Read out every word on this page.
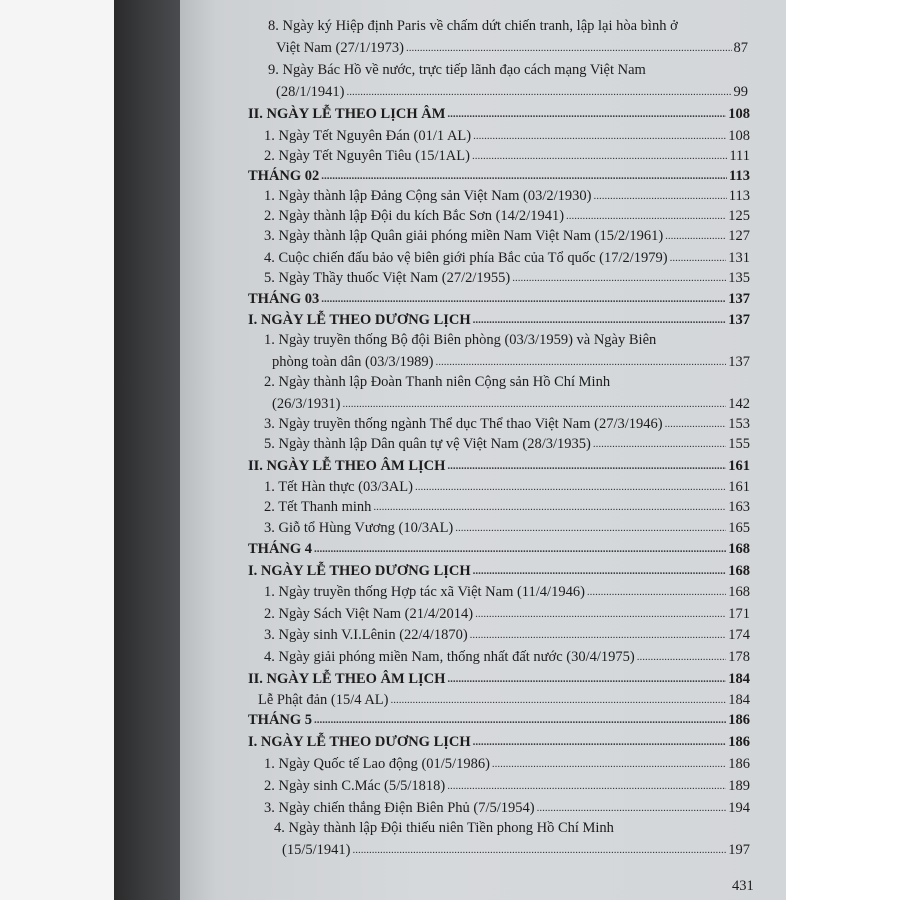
8. Ngày ký Hiệp định Paris về chấm dứt chiến tranh, lập lại hòa bình ở
Việt Nam (27/1/1973) .....	87
9. Ngày Bác Hồ về nước, trực tiếp lãnh đạo cách mạng Việt Nam
(28/1/1941) .....	99
II. NGÀY LỄ THEO LỊCH ÂM .....	108
1. Ngày Tết Nguyên Đán (01/1 AL) .....	108
2. Ngày Tết Nguyên Tiêu (15/1AL) .....	111
THÁNG 02 .....	113
1. Ngày thành lập Đảng Cộng sản Việt Nam (03/2/1930) .....	113
2. Ngày thành lập Đội du kích Bắc Sơn (14/2/1941) .....	125
3. Ngày thành lập Quân giải phóng miền Nam Việt Nam (15/2/1961) .....	127
4. Cuộc chiến đấu bảo vệ biên giới phía Bắc của Tổ quốc (17/2/1979) .....	131
5. Ngày Thầy thuốc Việt Nam (27/2/1955) .....	135
THÁNG 03 .....	137
I. NGÀY LỄ THEO DƯƠNG LỊCH .....	137
1. Ngày truyền thống Bộ đội Biên phòng (03/3/1959) và Ngày Biên
phòng toàn dân (03/3/1989) .....	137
2. Ngày thành lập Đoàn Thanh niên Cộng sản Hồ Chí Minh
(26/3/1931) .....	142
3. Ngày truyền thống ngành Thể dục Thể thao Việt Nam (27/3/1946) .....	153
5. Ngày thành lập Dân quân tự vệ Việt Nam (28/3/1935) .....	155
II. NGÀY LỄ THEO ÂM LỊCH .....	161
1. Tết Hàn thực (03/3AL) .....	161
2. Tết Thanh minh .....	163
3. Giỗ tổ Hùng Vương (10/3AL) .....	165
THÁNG 4 .....	168
I. NGÀY LỄ THEO DƯƠNG LỊCH .....	168
1. Ngày truyền thống Hợp tác xã Việt Nam (11/4/1946) .....	168
2. Ngày Sách Việt Nam (21/4/2014) .....	171
3. Ngày sinh V.I.Lênin (22/4/1870) .....	174
4. Ngày giải phóng miền Nam, thống nhất đất nước (30/4/1975) .....	178
II. NGÀY LỄ THEO ÂM LỊCH .....	184
Lễ Phật đản (15/4 AL) .....	184
THÁNG 5 .....	186
I. NGÀY LỄ THEO DƯƠNG LỊCH .....	186
1. Ngày Quốc tế Lao động (01/5/1986) .....	186
2. Ngày sinh C.Mác (5/5/1818) .....	189
3. Ngày chiến thắng Điện Biên Phủ (7/5/1954) .....	194
4. Ngày thành lập Đội thiếu niên Tiền phong Hồ Chí Minh
(15/5/1941) .....	197
431
